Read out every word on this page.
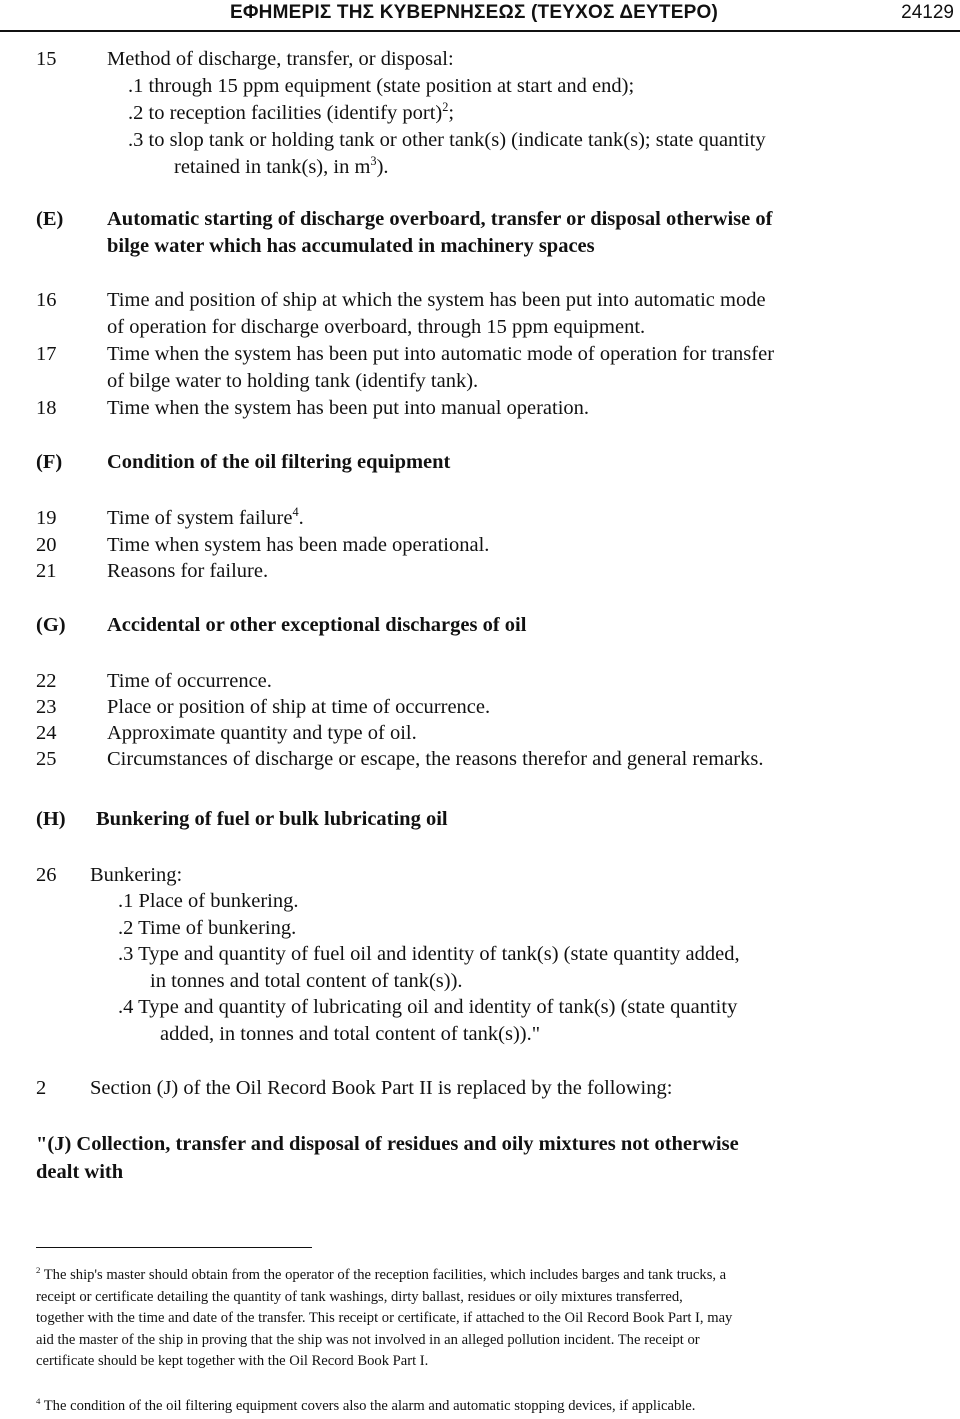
ΕΦΗΜΕΡΙΣ ΤΗΣ ΚΥΒΕΡΝΗΣΕΩΣ (ΤΕΥΧΟΣ ΔΕΥΤΕΡΟ)	24129
15 Method of discharge, transfer, or disposal:
.1 through 15 ppm equipment (state position at start and end);
.2 to reception facilities (identify port)$^2$;
.3 to slop tank or holding tank or other tank(s) (indicate tank(s); state quantity
retained in tank(s), in $m^3$).
(E) Automatic starting of discharge overboard, transfer or disposal otherwise of
bilge water which has accumulated in machinery spaces
16 Time and position of ship at which the system has been put into automatic mode
of operation for discharge overboard, through 15 ppm equipment.
17 Time when the system has been put into automatic mode of operation for transfer
of bilge water to holding tank (identify tank).
18 Time when the system has been put into manual operation.
(F) Condition of the oil filtering equipment
19 Time of system failure$^4$.
20 Time when system has been made operational.
21 Reasons for failure.
(G) Accidental or other exceptional discharges of oil
22 Time of occurrence.
23 Place or position of ship at time of occurrence.
24 Approximate quantity and type of oil.
25 Circumstances of discharge or escape, the reasons therefor and general remarks.
(H) Bunkering of fuel or bulk lubricating oil
26 Bunkering:
.1 Place of bunkering.
.2 Time of bunkering.
.3 Type and quantity of fuel oil and identity of tank(s) (state quantity added,
in tonnes and total content of tank(s)).
.4 Type and quantity of lubricating oil and identity of tank(s) (state quantity
added, in tonnes and total content of tank(s))."
2 Section (J) of the Oil Record Book Part II is replaced by the following:
"(J) Collection, transfer and disposal of residues and oily mixtures not otherwise
dealt with
$^2$ The ship's master should obtain from the operator of the reception facilities, which includes barges and tank trucks, a
receipt or certificate detailing the quantity of tank washings, dirty ballast, residues or oily mixtures transferred,
together with the time and date of the transfer. This receipt or certificate, if attached to the Oil Record Book Part I, may
aid the master of the ship in proving that the ship was not involved in an alleged pollution incident. The receipt or
certificate should be kept together with the Oil Record Book Part I.
$^4$ The condition of the oil filtering equipment covers also the alarm and automatic stopping devices, if applicable.
